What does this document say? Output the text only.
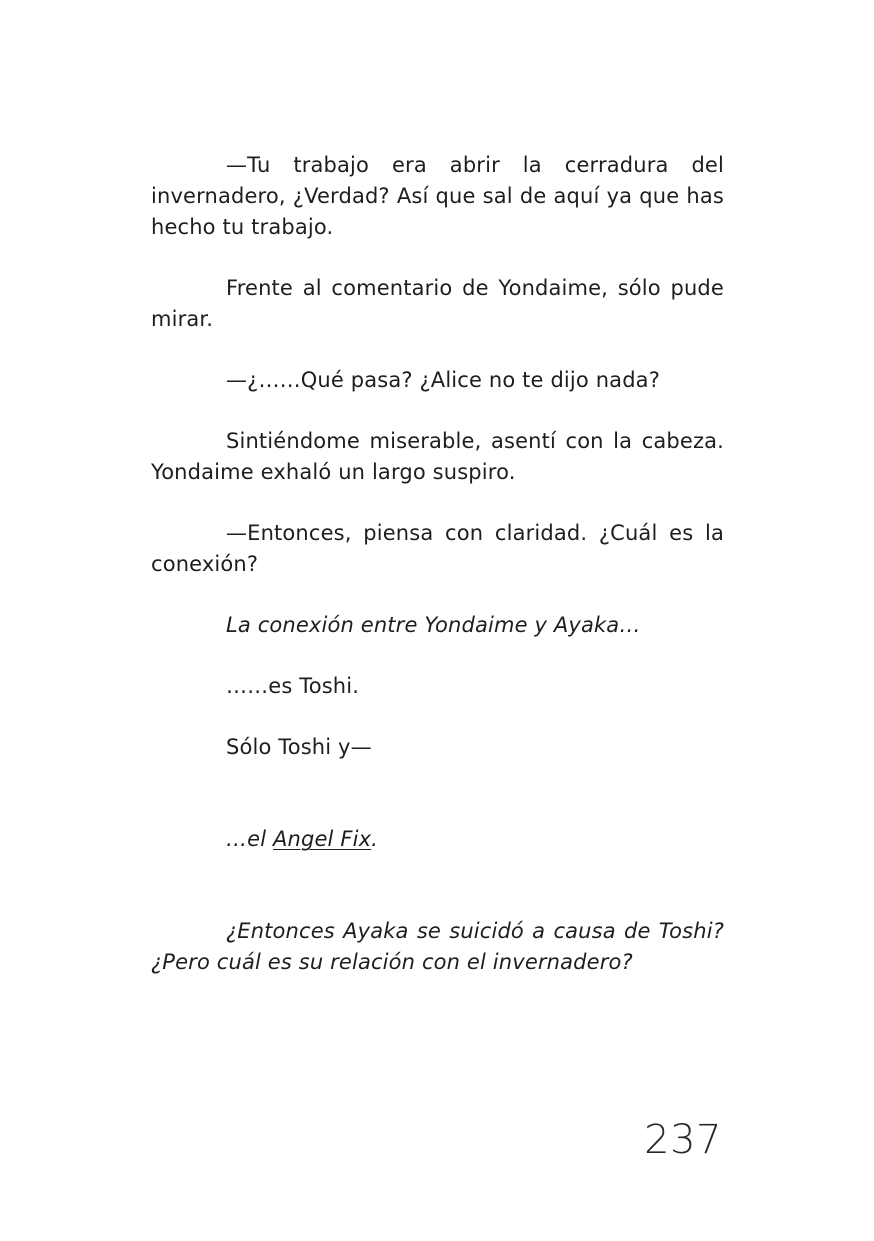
—Tu trabajo era abrir la cerradura del invernadero, ¿Verdad? Así que sal de aquí ya que has hecho tu trabajo.

Frente al comentario de Yondaime, sólo pude mirar.

—¿……Qué pasa? ¿Alice no te dijo nada?

Sintiéndome miserable, asentí con la cabeza. Yondaime exhaló un largo suspiro.

—Entonces, piensa con claridad. ¿Cuál es la conexión?

La conexión entre Yondaime y Ayaka…

……es Toshi.

Sólo Toshi y—

…el Angel Fix.

¿Entonces Ayaka se suicidó a causa de Toshi? ¿Pero cuál es su relación con el invernadero?

237
